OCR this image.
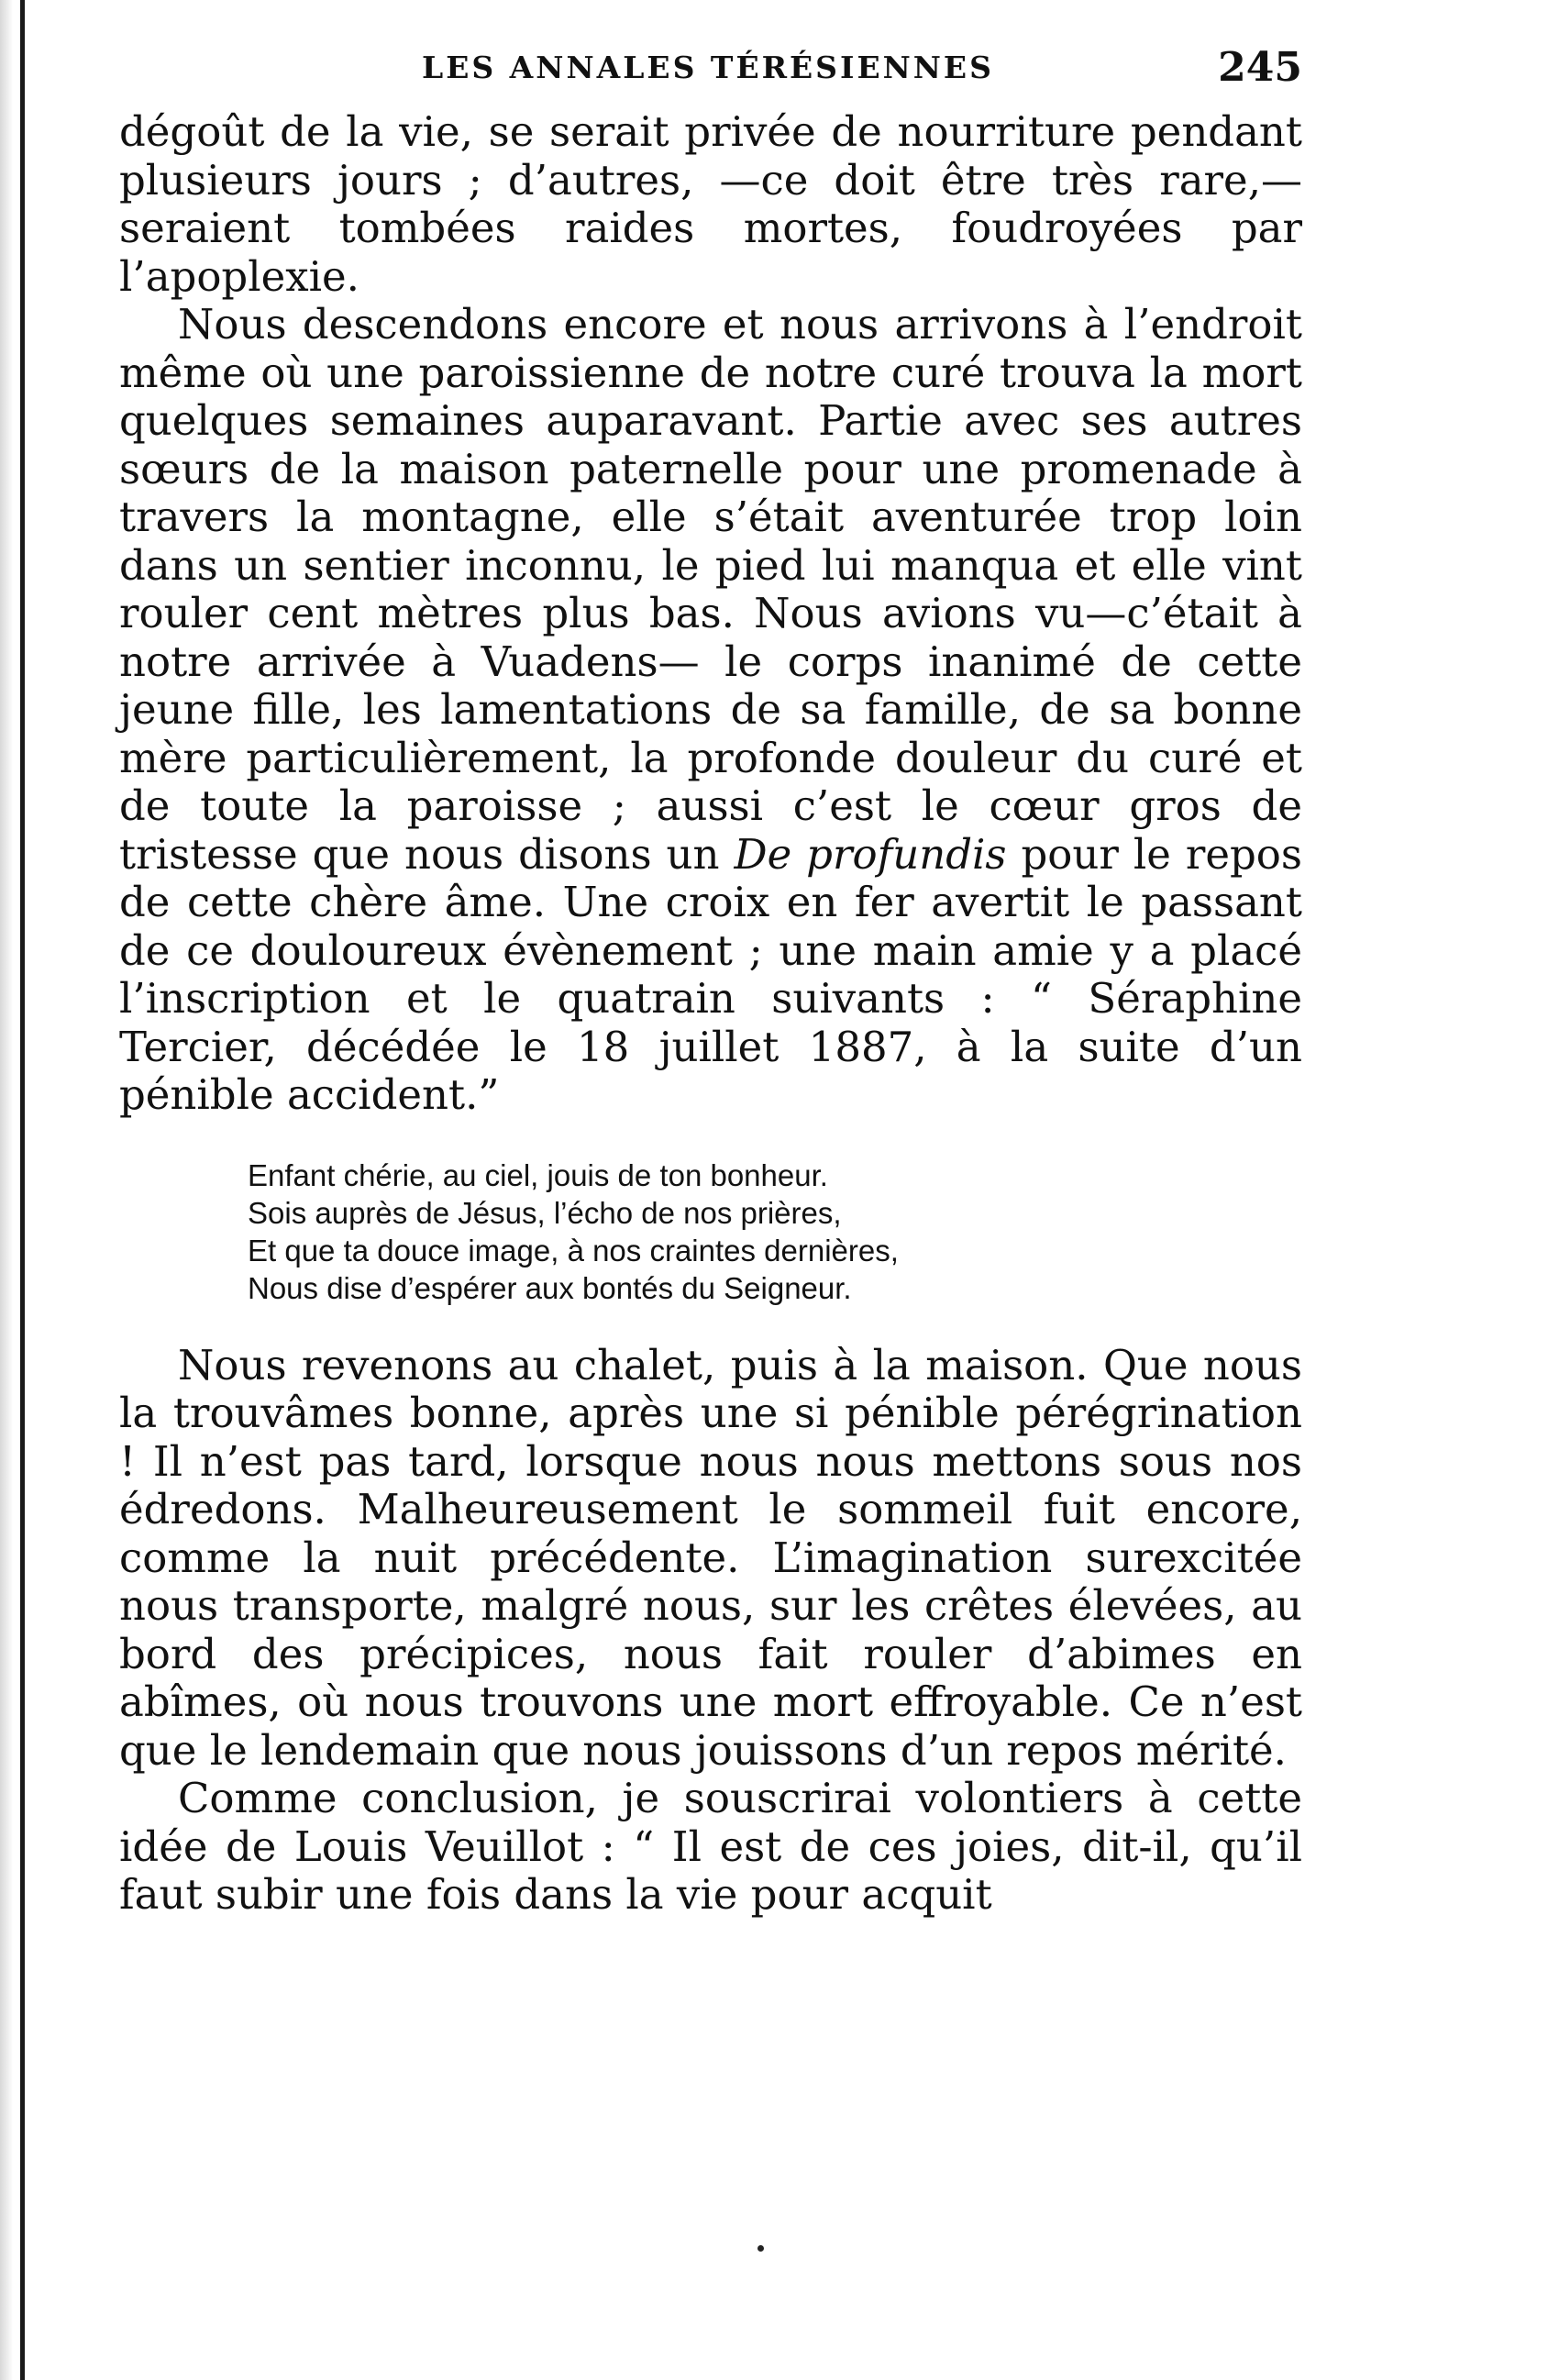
LES ANNALES TÉRÉSIENNES	245

dégoût de la vie, se serait privée de nourriture pendant plusieurs jours ; d’autres, —ce doit être très rare,— seraient tombées raides mortes, foudroyées par l’apoplexie.

Nous descendons encore et nous arrivons à l’endroit même où une paroissienne de notre curé trouva la mort quelques semaines auparavant. Partie avec ses autres sœurs de la maison paternelle pour une promenade à travers la montagne, elle s’était aventurée trop loin dans un sentier inconnu, le pied lui manqua et elle vint rouler cent mètres plus bas. Nous avions vu—c’était à notre arrivée à Vuadens— le corps inanimé de cette jeune fille, les lamentations de sa famille, de sa bonne mère particulièrement, la profonde douleur du curé et de toute la paroisse ; aussi c’est le cœur gros de tristesse que nous disons un De profundis pour le repos de cette chère âme. Une croix en fer avertit le passant de ce douloureux évènement ; une main amie y a placé l’inscription et le quatrain suivants : “ Séraphine Tercier, décédée le 18 juillet 1887, à la suite d’un pénible accident.”

Enfant chérie, au ciel, jouis de ton bonheur.
Sois auprès de Jésus, l’écho de nos prières,
Et que ta douce image, à nos craintes dernières,
Nous dise d’espérer aux bontés du Seigneur.

Nous revenons au chalet, puis à la maison. Que nous la trouvâmes bonne, après une si pénible pérégrination ! Il n’est pas tard, lorsque nous nous mettons sous nos édredons. Malheureusement le sommeil fuit encore, comme la nuit précédente. L’imagination surexcitée nous transporte, malgré nous, sur les crêtes élevées, au bord des précipices, nous fait rouler d’abimes en abîmes, où nous trouvons une mort effroyable. Ce n’est que le lendemain que nous jouissons d’un repos mérité.

Comme conclusion, je souscrirai volontiers à cette idée de Louis Veuillot : “ Il est de ces joies, dit-il, qu’il faut subir une fois dans la vie pour acquit
